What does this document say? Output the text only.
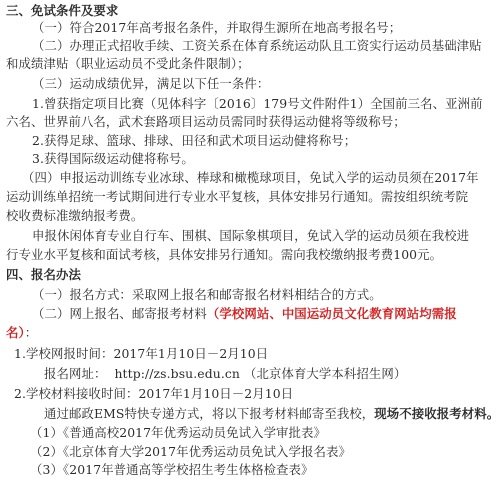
三、免试条件及要求
（一）符合2017年高考报名条件，并取得生源所在地高考报名号；
（二）办理正式招收手续、工资关系在体育系统运动队且工资实行运动员基础津贴
和成绩津贴（职业运动员不受此条件限制）；
（三）运动成绩优异，满足以下任一条件：
1.曾获指定项目比赛（见体科字〔2016〕179号文件附件1）全国前三名、亚洲前
六名、世界前八名，武术套路项目运动员需同时获得运动健将等级称号；
2.获得足球、篮球、排球、田径和武术项目运动健将称号；
3.获得国际级运动健将称号。
（四）申报运动训练专业冰球、棒球和橄榄球项目，免试入学的运动员须在2017年
运动训练单招统一考试期间进行专业水平复核，具体安排另行通知。需按组织统考院
校收费标准缴纳报考费。
申报休闲体育专业自行车、围棋、国际象棋项目，免试入学的运动员须在我校进
行专业水平复核和面试考核，具体安排另行通知。需向我校缴纳报考费100元。
四、报名办法
（一）报名方式：采取网上报名和邮寄报名材料相结合的方式。
（二）网上报名、邮寄报考材料（学校网站、中国运动员文化教育网站均需报
名）：
1.学校网报时间：2017年1月10日－2月10日
报名网址： http://zs.bsu.edu.cn （北京体育大学本科招生网）
2.学校材料接收时间：2017年1月10日－2月10日
通过邮政EMS特快专递方式，将以下报考材料邮寄至我校，现场不接收报考材料。
（1）《普通高校2017年优秀运动员免试入学审批表》
（2）《北京体育大学2017年优秀运动员免试入学报名表》
（3）《2017年普通高等学校招生考生体格检查表》
